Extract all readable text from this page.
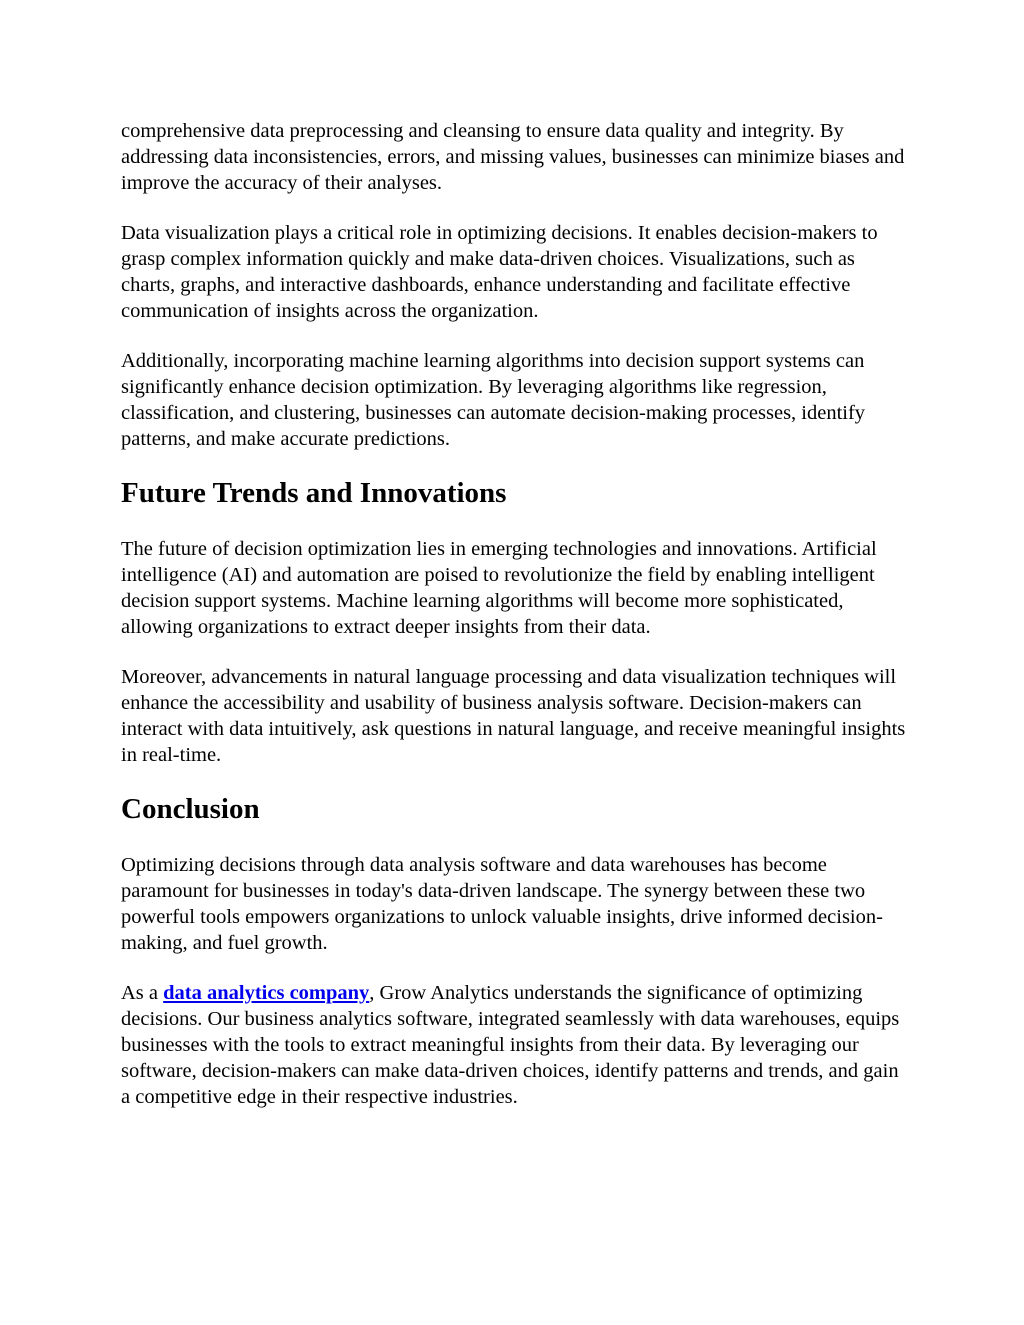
comprehensive data preprocessing and cleansing to ensure data quality and integrity. By addressing data inconsistencies, errors, and missing values, businesses can minimize biases and improve the accuracy of their analyses.

Data visualization plays a critical role in optimizing decisions. It enables decision-makers to grasp complex information quickly and make data-driven choices. Visualizations, such as charts, graphs, and interactive dashboards, enhance understanding and facilitate effective communication of insights across the organization.

Additionally, incorporating machine learning algorithms into decision support systems can significantly enhance decision optimization. By leveraging algorithms like regression, classification, and clustering, businesses can automate decision-making processes, identify patterns, and make accurate predictions.

Future Trends and Innovations

The future of decision optimization lies in emerging technologies and innovations. Artificial intelligence (AI) and automation are poised to revolutionize the field by enabling intelligent decision support systems. Machine learning algorithms will become more sophisticated, allowing organizations to extract deeper insights from their data.

Moreover, advancements in natural language processing and data visualization techniques will enhance the accessibility and usability of business analysis software. Decision-makers can interact with data intuitively, ask questions in natural language, and receive meaningful insights in real-time.

Conclusion

Optimizing decisions through data analysis software and data warehouses has become paramount for businesses in today's data-driven landscape. The synergy between these two powerful tools empowers organizations to unlock valuable insights, drive informed decision-making, and fuel growth.

As a data analytics company, Grow Analytics understands the significance of optimizing decisions. Our business analytics software, integrated seamlessly with data warehouses, equips businesses with the tools to extract meaningful insights from their data. By leveraging our software, decision-makers can make data-driven choices, identify patterns and trends, and gain a competitive edge in their respective industries.
